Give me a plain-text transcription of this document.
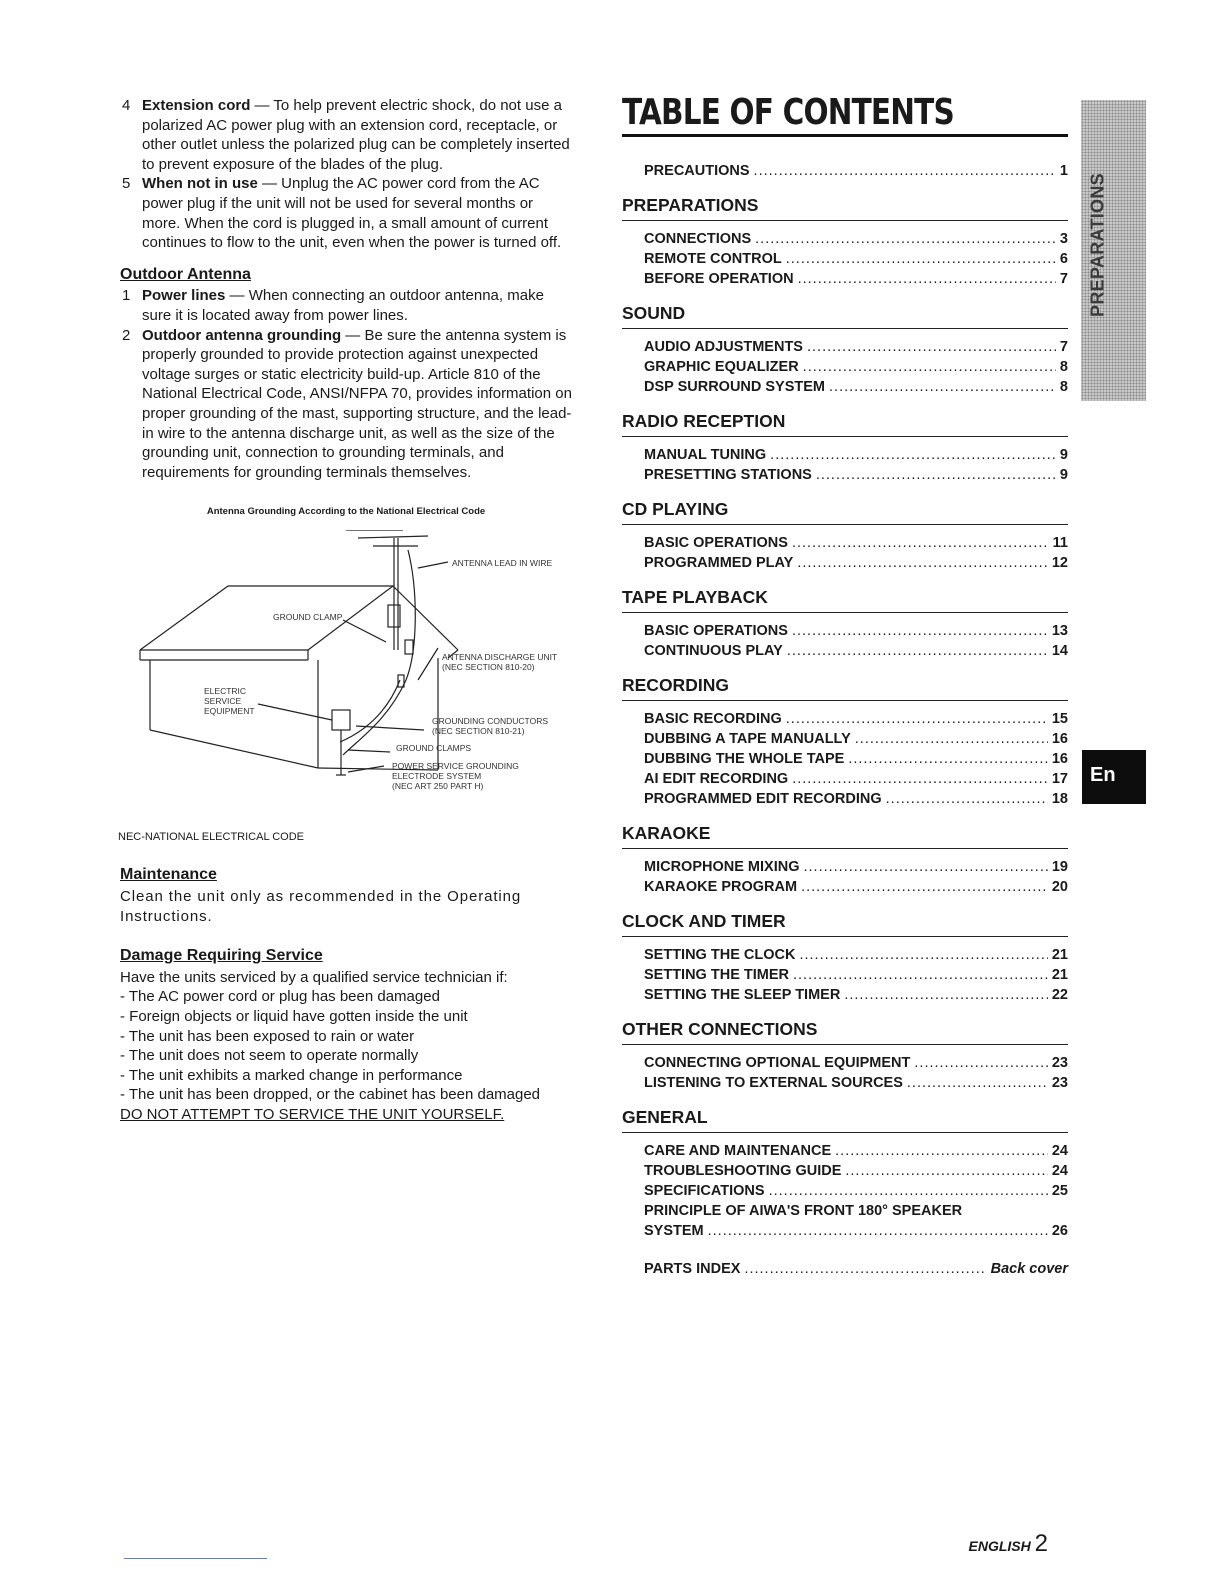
4 Extension cord — To help prevent electric shock, do not use a polarized AC power plug with an extension cord, receptacle, or other outlet unless the polarized plug can be completely inserted to prevent exposure of the blades of the plug.
5 When not in use — Unplug the AC power cord from the AC power plug if the unit will not be used for several months or more. When the cord is plugged in, a small amount of current continues to flow to the unit, even when the power is turned off.
Outdoor Antenna
1 Power lines — When connecting an outdoor antenna, make sure it is located away from power lines.
2 Outdoor antenna grounding — Be sure the antenna system is properly grounded to provide protection against unexpected voltage surges or static electricity build-up. Article 810 of the National Electrical Code, ANSI/NFPA 70, provides information on proper grounding of the mast, supporting structure, and the lead-in wire to the antenna discharge unit, as well as the size of the grounding unit, connection to grounding terminals, and requirements for grounding terminals themselves.
Antenna Grounding According to the National Electrical Code
ANTENNA LEAD IN WIRE
GROUND CLAMP
ANTENNA DISCHARGE UNIT
(NEC SECTION 810-20)
ELECTRIC
SERVICE
EQUIPMENT
GROUNDING CONDUCTORS
(NEC SECTION 810-21)
GROUND CLAMPS
POWER SERVICE GROUNDING
ELECTRODE SYSTEM
(NEC ART 250 PART H)
NEC-NATIONAL ELECTRICAL CODE
Maintenance
Clean the unit only as recommended in the Operating Instructions.
Damage Requiring Service
Have the units serviced by a qualified service technician if:
- The AC power cord or plug has been damaged
- Foreign objects or liquid have gotten inside the unit
- The unit has been exposed to rain or water
- The unit does not seem to operate normally
- The unit exhibits a marked change in performance
- The unit has been dropped, or the cabinet has been damaged
DO NOT ATTEMPT TO SERVICE THE UNIT YOURSELF.
TABLE OF CONTENTS
PRECAUTIONS .....	1
PREPARATIONS
CONNECTIONS .....	3
REMOTE CONTROL .....	6
BEFORE OPERATION .....	7
SOUND
AUDIO ADJUSTMENTS .....	7
GRAPHIC EQUALIZER .....	8
DSP SURROUND SYSTEM .....	8
RADIO RECEPTION
MANUAL TUNING .....	9
PRESETTING STATIONS .....	9
CD PLAYING
BASIC OPERATIONS .....	11
PROGRAMMED PLAY .....	12
TAPE PLAYBACK
BASIC OPERATIONS .....	13
CONTINUOUS PLAY .....	14
RECORDING
BASIC RECORDING .....	15
DUBBING A TAPE MANUALLY .....	16
DUBBING THE WHOLE TAPE .....	16
AI EDIT RECORDING .....	17
PROGRAMMED EDIT RECORDING .....	18
KARAOKE
MICROPHONE MIXING .....	19
KARAOKE PROGRAM .....	20
CLOCK AND TIMER
SETTING THE CLOCK .....	21
SETTING THE TIMER .....	21
SETTING THE SLEEP TIMER .....	22
OTHER CONNECTIONS
CONNECTING OPTIONAL EQUIPMENT .....	23
LISTENING TO EXTERNAL SOURCES .....	23
GENERAL
CARE AND MAINTENANCE .....	24
TROUBLESHOOTING GUIDE .....	24
SPECIFICATIONS .....	25
PRINCIPLE OF AIWA'S FRONT 180° SPEAKER
SYSTEM .....	26
PARTS INDEX .....	Back cover
PREPARATIONS
En
ENGLISH 2
